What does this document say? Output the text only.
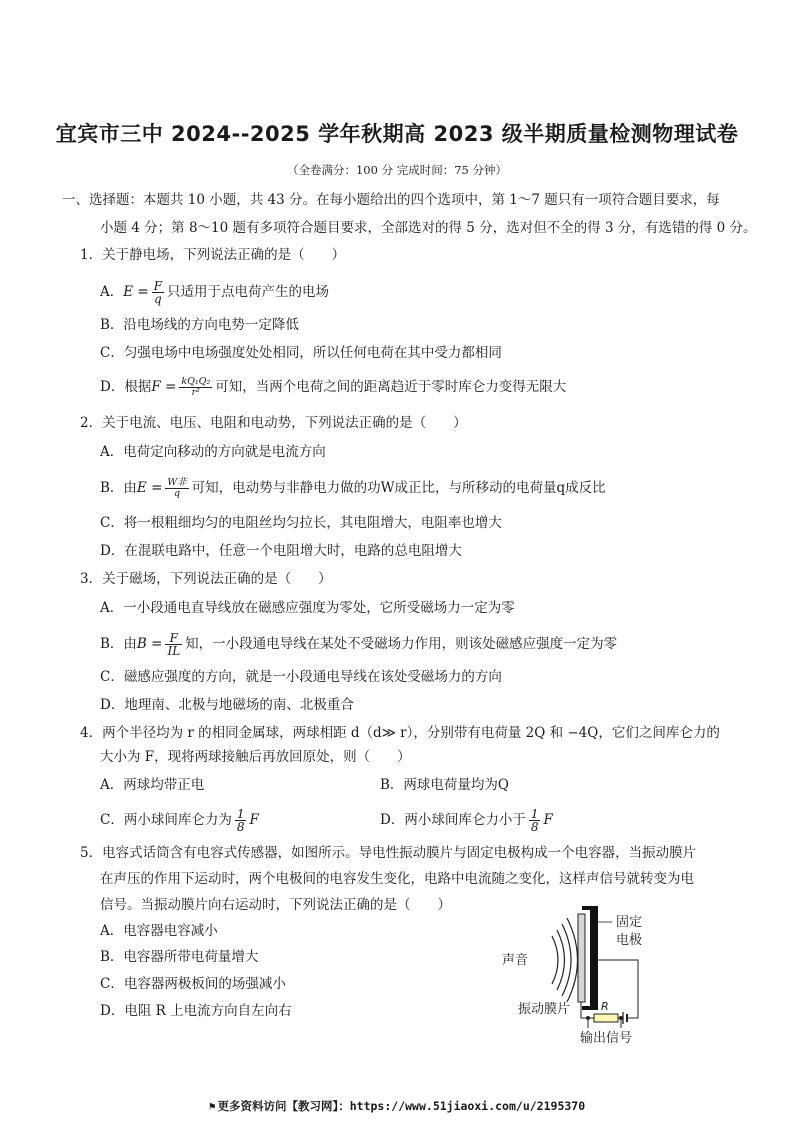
宜宾市三中 2024--2025 学年秋期高 2023 级半期质量检测物理试卷
（全卷满分：100 分 完成时间：75 分钟）
一、选择题：本题共 10 小题，共 43 分。在每小题给出的四个选项中，第 1～7 题只有一项符合题目要求，每
小题 4 分；第 8～10 题有多项符合题目要求，全部选对的得 5 分，选对但不全的得 3 分，有选错的得 0 分。
1．关于静电场，下列说法正确的是（　　）
A．$E = \frac{F}{q}$ 只适用于点电荷产生的电场
B．沿电场线的方向电势一定降低
C．匀强电场中电场强度处处相同，所以任何电荷在其中受力都相同
D．根据$F = \frac{\text{kQ₁Q₂}}{\text{r²}}$ 可知，当两个电荷之间的距离趋近于零时库仑力变得无限大
2．关于电流、电压、电阻和电动势，下列说法正确的是（　　）
A．电荷定向移动的方向就是电流方向
B．由$E = \frac{\text{W非}}{q}$ 可知，电动势与非静电力做的功W成正比，与所移动的电荷量q成反比
C．将一根粗细均匀的电阻丝均匀拉长，其电阻增大，电阻率也增大
D．在混联电路中，任意一个电阻增大时，电路的总电阻增大
3．关于磁场，下列说法正确的是（　　）
A．一小段通电直导线放在磁感应强度为零处，它所受磁场力一定为零
B．由$B = \frac{F}{IL}$ 知，一小段通电导线在某处不受磁场力作用，则该处磁感应强度一定为零
C．磁感应强度的方向，就是一小段通电导线在该处受磁场力的方向
D．地理南、北极与地磁场的南、北极重合
4．两个半径均为 r 的相同金属球，两球相距 d（d≫ r），分别带有电荷量 2Q 和 −4Q，它们之间库仑力的
大小为 F，现将两球接触后再放回原处，则（　　）
A．两球均带正电	B．两球电荷量均为Q
C．两小球间库仑力为 $\frac{1}{8}$ F	D．两小球间库仑力小于 $\frac{1}{8}$ F
5．电容式话筒含有电容式传感器，如图所示。导电性振动膜片与固定电极构成一个电容器，当振动膜片
在声压的作用下运动时，两个电极间的电容发生变化，电路中电流随之变化，这样声信号就转变为电
信号。当振动膜片向右运动时，下列说法正确的是（　　）
A．电容器电容减小
B．电容器所带电荷量增大
C．电容器两极板间的场强减小
D．电阻 R 上电流方向自左向右
声音
R
固定
电极
振动膜片
输出信号
⚑ 更多资料访问【教习网】：https://www.51jiaoxi.com/u/2195370
